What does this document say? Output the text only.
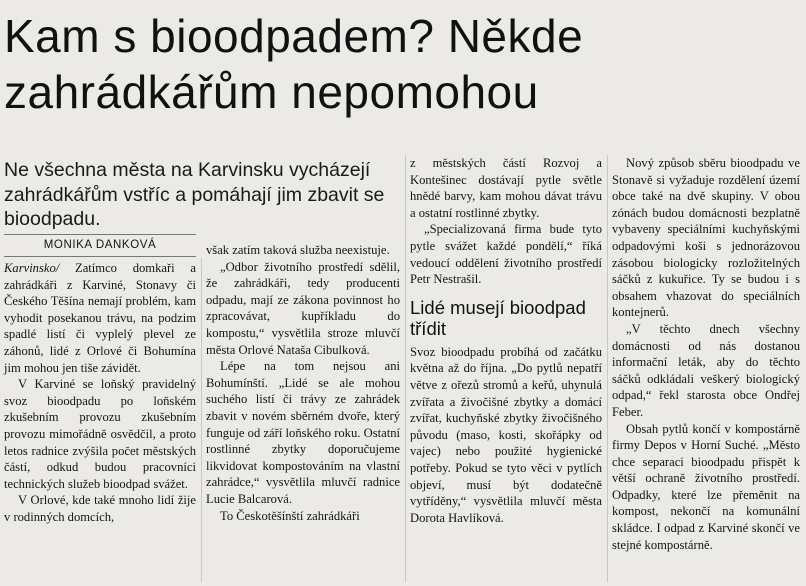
Kam s bioodpadem? Někde
zahrádkářům nepomohou

Ne všechna města na Karvinsku vycházejí zahrádkářům vstříc a pomáhají jim zbavit se bioodpadu.

MONIKA DANKOVÁ

Karvinsko/ Zatímco domkaři a zahrádkáři z Karviné, Stonavy či Českého Těšína nemají problém, kam vyhodit posekanou trávu, na podzim spadlé listí či vyplelý plevel ze záhonů, lidé z Orlové či Bohumína jim mohou jen tiše závidět.

V Karviné se loňský pravidelný svoz bioodpadu po loňském zkušebním provozu zkušebním provozu mimořádně osvědčil, a proto letos radnice zvýšila počet městských částí, odkud budou pracovníci technických služeb bioodpad svážet.

V Orlové, kde také mnoho lidí žije v rodinných domcích,

však zatím taková služba neexistuje.

„Odbor životního prostředí sdělil, že zahrádkáři, tedy producenti odpadu, mají ze zákona povinnost ho zpracovávat, kupříkladu do kompostu,“ vysvětlila stroze mluvčí města Orlové Nataša Cibulková.

Lépe na tom nejsou ani Bohumínští. „Lidé se ale mohou suchého listí či trávy ze zahrádek zbavit v novém sběrném dvoře, který funguje od září loňského roku. Ostatní rostlinné zbytky doporučujeme likvidovat kompostováním na vlastní zahrádce,“ vysvětlila mluvčí radnice Lucie Balcarová.

To Českotěšínští zahrádkáři

z městských částí Rozvoj a Kontešinec dostávají pytle světle hnědé barvy, kam mohou dávat trávu a ostatní rostlinné zbytky.

„Specializovaná firma bude tyto pytle svážet každé pondělí,“ říká vedoucí oddělení životního prostředí Petr Nestrašil.

Lidé musejí bioodpad třídit

Svoz bioodpadu probíhá od začátku května až do října. „Do pytlů nepatří větve z ořezů stromů a keřů, uhynulá zvířata a živočišné zbytky a domácí zvířat, kuchyňské zbytky živočišného původu (maso, kosti, skořápky od vajec) nebo použité hygienické potřeby. Pokud se tyto věci v pytlích objeví, musí být dodatečně vytříděny,“ vysvětlila mluvčí města Dorota Havlíková.

Nový způsob sběru bioodpadu ve Stonavě si vyžaduje rozdělení území obce také na dvě skupiny. V obou zónách budou domácnosti bezplatně vybaveny speciálními kuchyňskými odpadovými koši s jednorázovou zásobou biologicky rozložitelných sáčků z kukuřice. Ty se budou i s obsahem vhazovat do speciálních kontejnerů.

„V těchto dnech všechny domácnosti od nás dostanou informační leták, aby do těchto sáčků odkládali veškerý biologický odpad,“ řekl starosta obce Ondřej Feber.

Obsah pytlů končí v kompostárně firmy Depos v Horní Suché. „Město chce separaci bioodpadu přispět k větší ochraně životního prostředí. Odpadky, které lze přeměnit na kompost, nekončí na komunální skládce. I odpad z Karviné skončí ve stejné kompostárně.
